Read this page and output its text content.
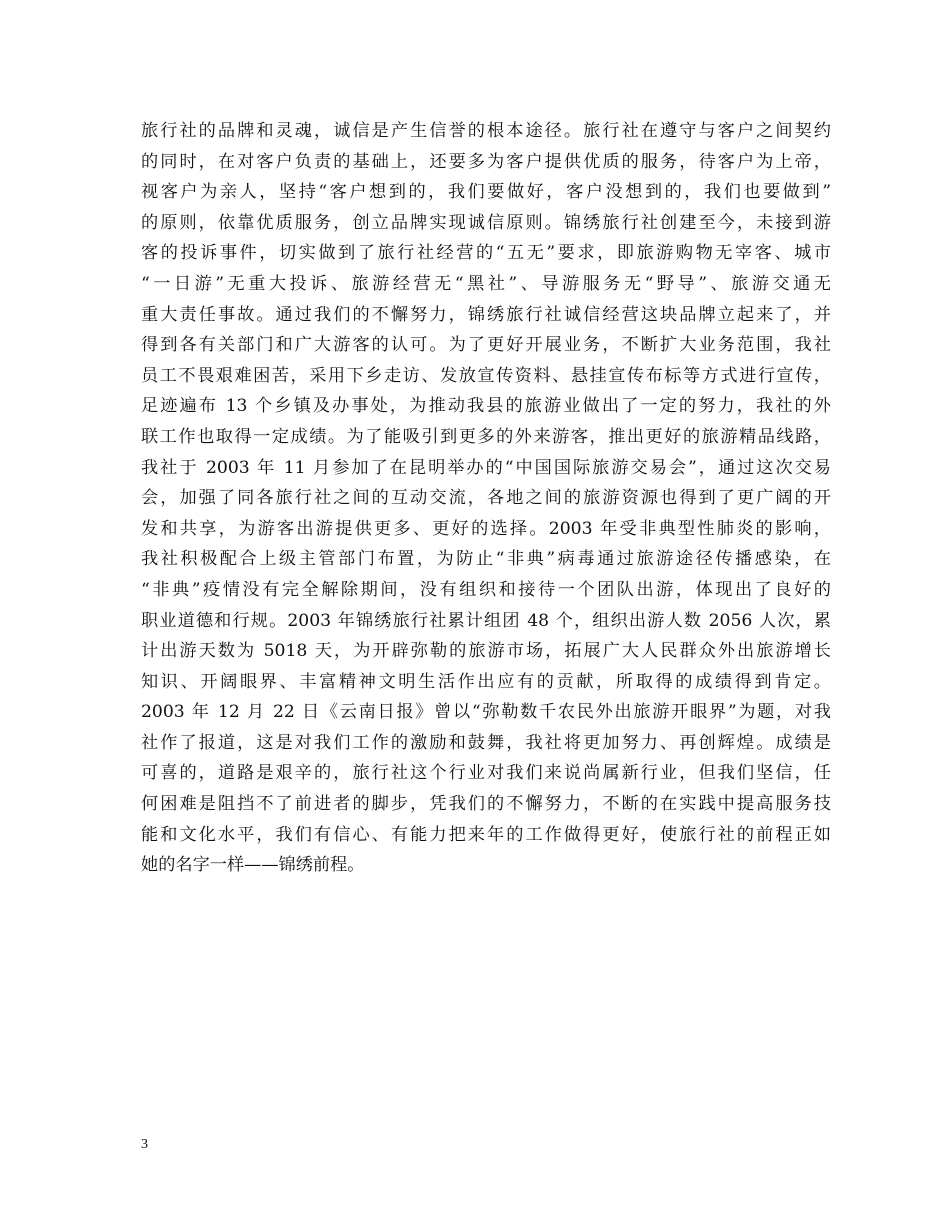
旅行社的品牌和灵魂，诚信是产生信誉的根本途径。旅行社在遵守与客户之间契约
的同时，在对客户负责的基础上，还要多为客户提供优质的服务，待客户为上帝，
视客户为亲人，坚持“客户想到的，我们要做好，客户没想到的，我们也要做到”
的原则，依靠优质服务，创立品牌实现诚信原则。锦绣旅行社创建至今，未接到游
客的投诉事件，切实做到了旅行社经营的“五无”要求，即旅游购物无宰客、城市
“一日游”无重大投诉、旅游经营无“黑社”、导游服务无“野导”、旅游交通无
重大责任事故。通过我们的不懈努力，锦绣旅行社诚信经营这块品牌立起来了，并
得到各有关部门和广大游客的认可。为了更好开展业务，不断扩大业务范围，我社
员工不畏艰难困苦，采用下乡走访、发放宣传资料、悬挂宣传布标等方式进行宣传，
足迹遍布 13 个乡镇及办事处，为推动我县的旅游业做出了一定的努力，我社的外
联工作也取得一定成绩。为了能吸引到更多的外来游客，推出更好的旅游精品线路，
我社于 2003 年 11 月参加了在昆明举办的“中国国际旅游交易会”，通过这次交易
会，加强了同各旅行社之间的互动交流，各地之间的旅游资源也得到了更广阔的开
发和共享，为游客出游提供更多、更好的选择。2003 年受非典型性肺炎的影响，
我社积极配合上级主管部门布置，为防止“非典”病毒通过旅游途径传播感染，在
“非典”疫情没有完全解除期间，没有组织和接待一个团队出游，体现出了良好的
职业道德和行规。2003 年锦绣旅行社累计组团 48 个，组织出游人数 2056 人次，累
计出游天数为 5018 天，为开辟弥勒的旅游市场，拓展广大人民群众外出旅游增长
知识、开阔眼界、丰富精神文明生活作出应有的贡献，所取得的成绩得到肯定。
2003 年 12 月 22 日《云南日报》曾以“弥勒数千农民外出旅游开眼界”为题，对我
社作了报道，这是对我们工作的激励和鼓舞，我社将更加努力、再创辉煌。成绩是
可喜的，道路是艰辛的，旅行社这个行业对我们来说尚属新行业，但我们坚信，任
何困难是阻挡不了前进者的脚步，凭我们的不懈努力，不断的在实践中提高服务技
能和文化水平，我们有信心、有能力把来年的工作做得更好，使旅行社的前程正如
她的名字一样——锦绣前程。
3
